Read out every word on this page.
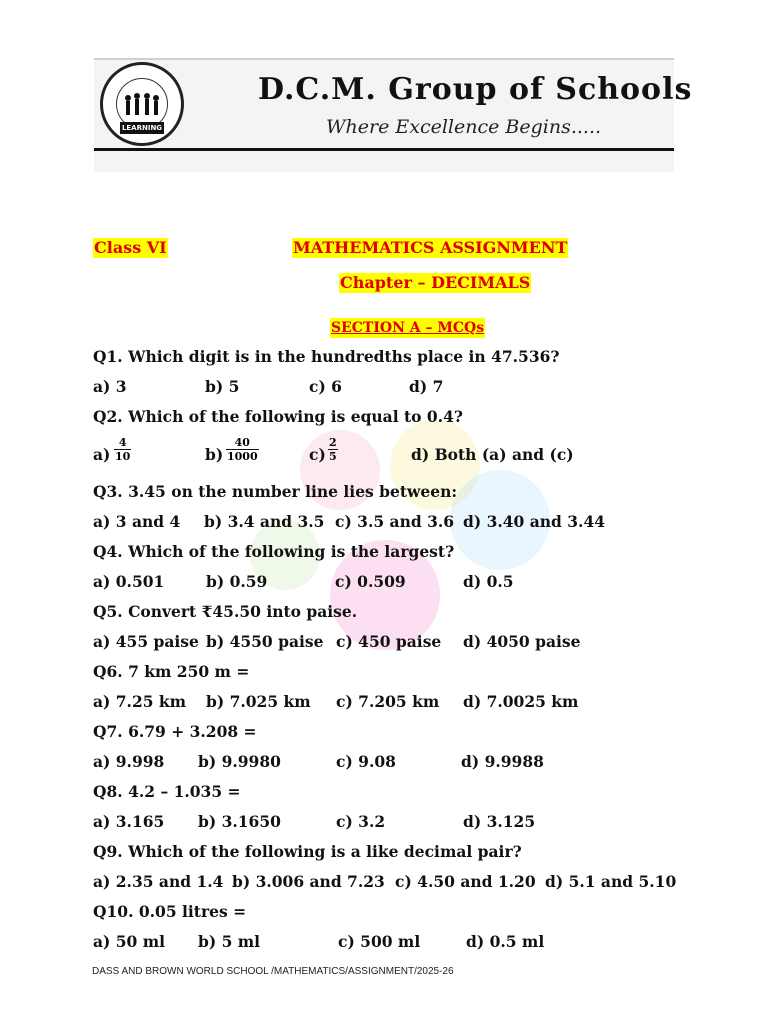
LEARNING
D.C.M. Group of Schools
Where Excellence Begins.....
Class VI	MATHEMATICS ASSIGNMENT
Chapter – DECIMALS
SECTION A – MCQs
Q1. Which digit is in the hundredths place in 47.536?
a) 3	b) 5	c) 6	d) 7
Q2. Which of the following is equal to 0.4?
$a) \frac{4}{10}$	$b) \frac{40}{1000}$	$c) \frac{2}{5}$	d) Both (a) and (c)
Q3. 3.45 on the number line lies between:
a) 3 and 4 b) 3.4 and 3.5 c) 3.5 and 3.6 d) 3.40 and 3.44
Q4. Which of the following is the largest?
a) 0.501	b) 0.59	c) 0.509	d) 0.5
Q5. Convert ₹45.50 into paise.
a) 455 paise b) 4550 paise c) 450 paise d) 4050 paise
Q6. 7 km 250 m =
a) 7.25 km b) 7.025 km c) 7.205 km d) 7.0025 km
Q7. 6.79 + 3.208 =
a) 9.998 b) 9.9980	c) 9.08	d) 9.9988
Q8. 4.2 – 1.035 =
a) 3.165 b) 3.1650	c) 3.2	d) 3.125
Q9. Which of the following is a like decimal pair?
a) 2.35 and 1.4 b) 3.006 and 7.23 c) 4.50 and 1.20 d) 5.1 and 5.10
Q10. 0.05 litres =
a) 50 ml b) 5 ml	c) 500 ml	d) 0.5 ml
DASS AND BROWN WORLD SCHOOL /MATHEMATICS/ASSIGNMENT/2025-26
